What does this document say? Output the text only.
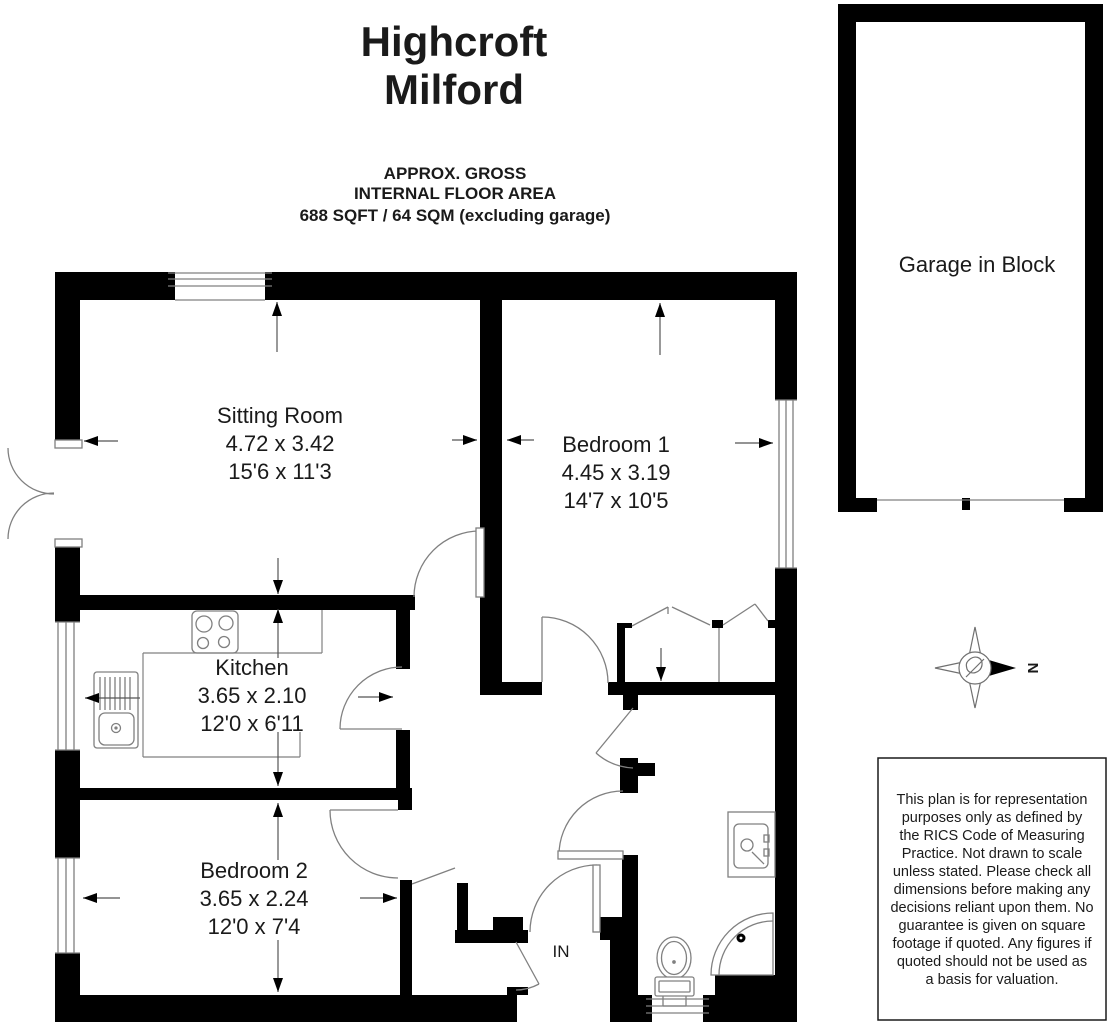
N
This plan is for representation
purposes only as defined by
the RICS Code of Measuring
Practice. Not drawn to scale
unless stated. Please check all
dimensions before making any
decisions reliant upon them. No
guarantee is given on square
footage if quoted. Any figures if
quoted should not be used as
a basis for valuation.
Highcroft
Milford
APPROX. GROSS
INTERNAL FLOOR AREA
688 SQFT / 64 SQM (excluding garage)
Sitting Room
4.72 x 3.42
15'6 x 11'3
Bedroom 1
4.45 x 3.19
14'7 x 10'5
Kitchen
3.65 x 2.10
12'0 x 6'11
Bedroom 2
3.65 x 2.24
12'0 x 7'4
Garage in Block
IN
